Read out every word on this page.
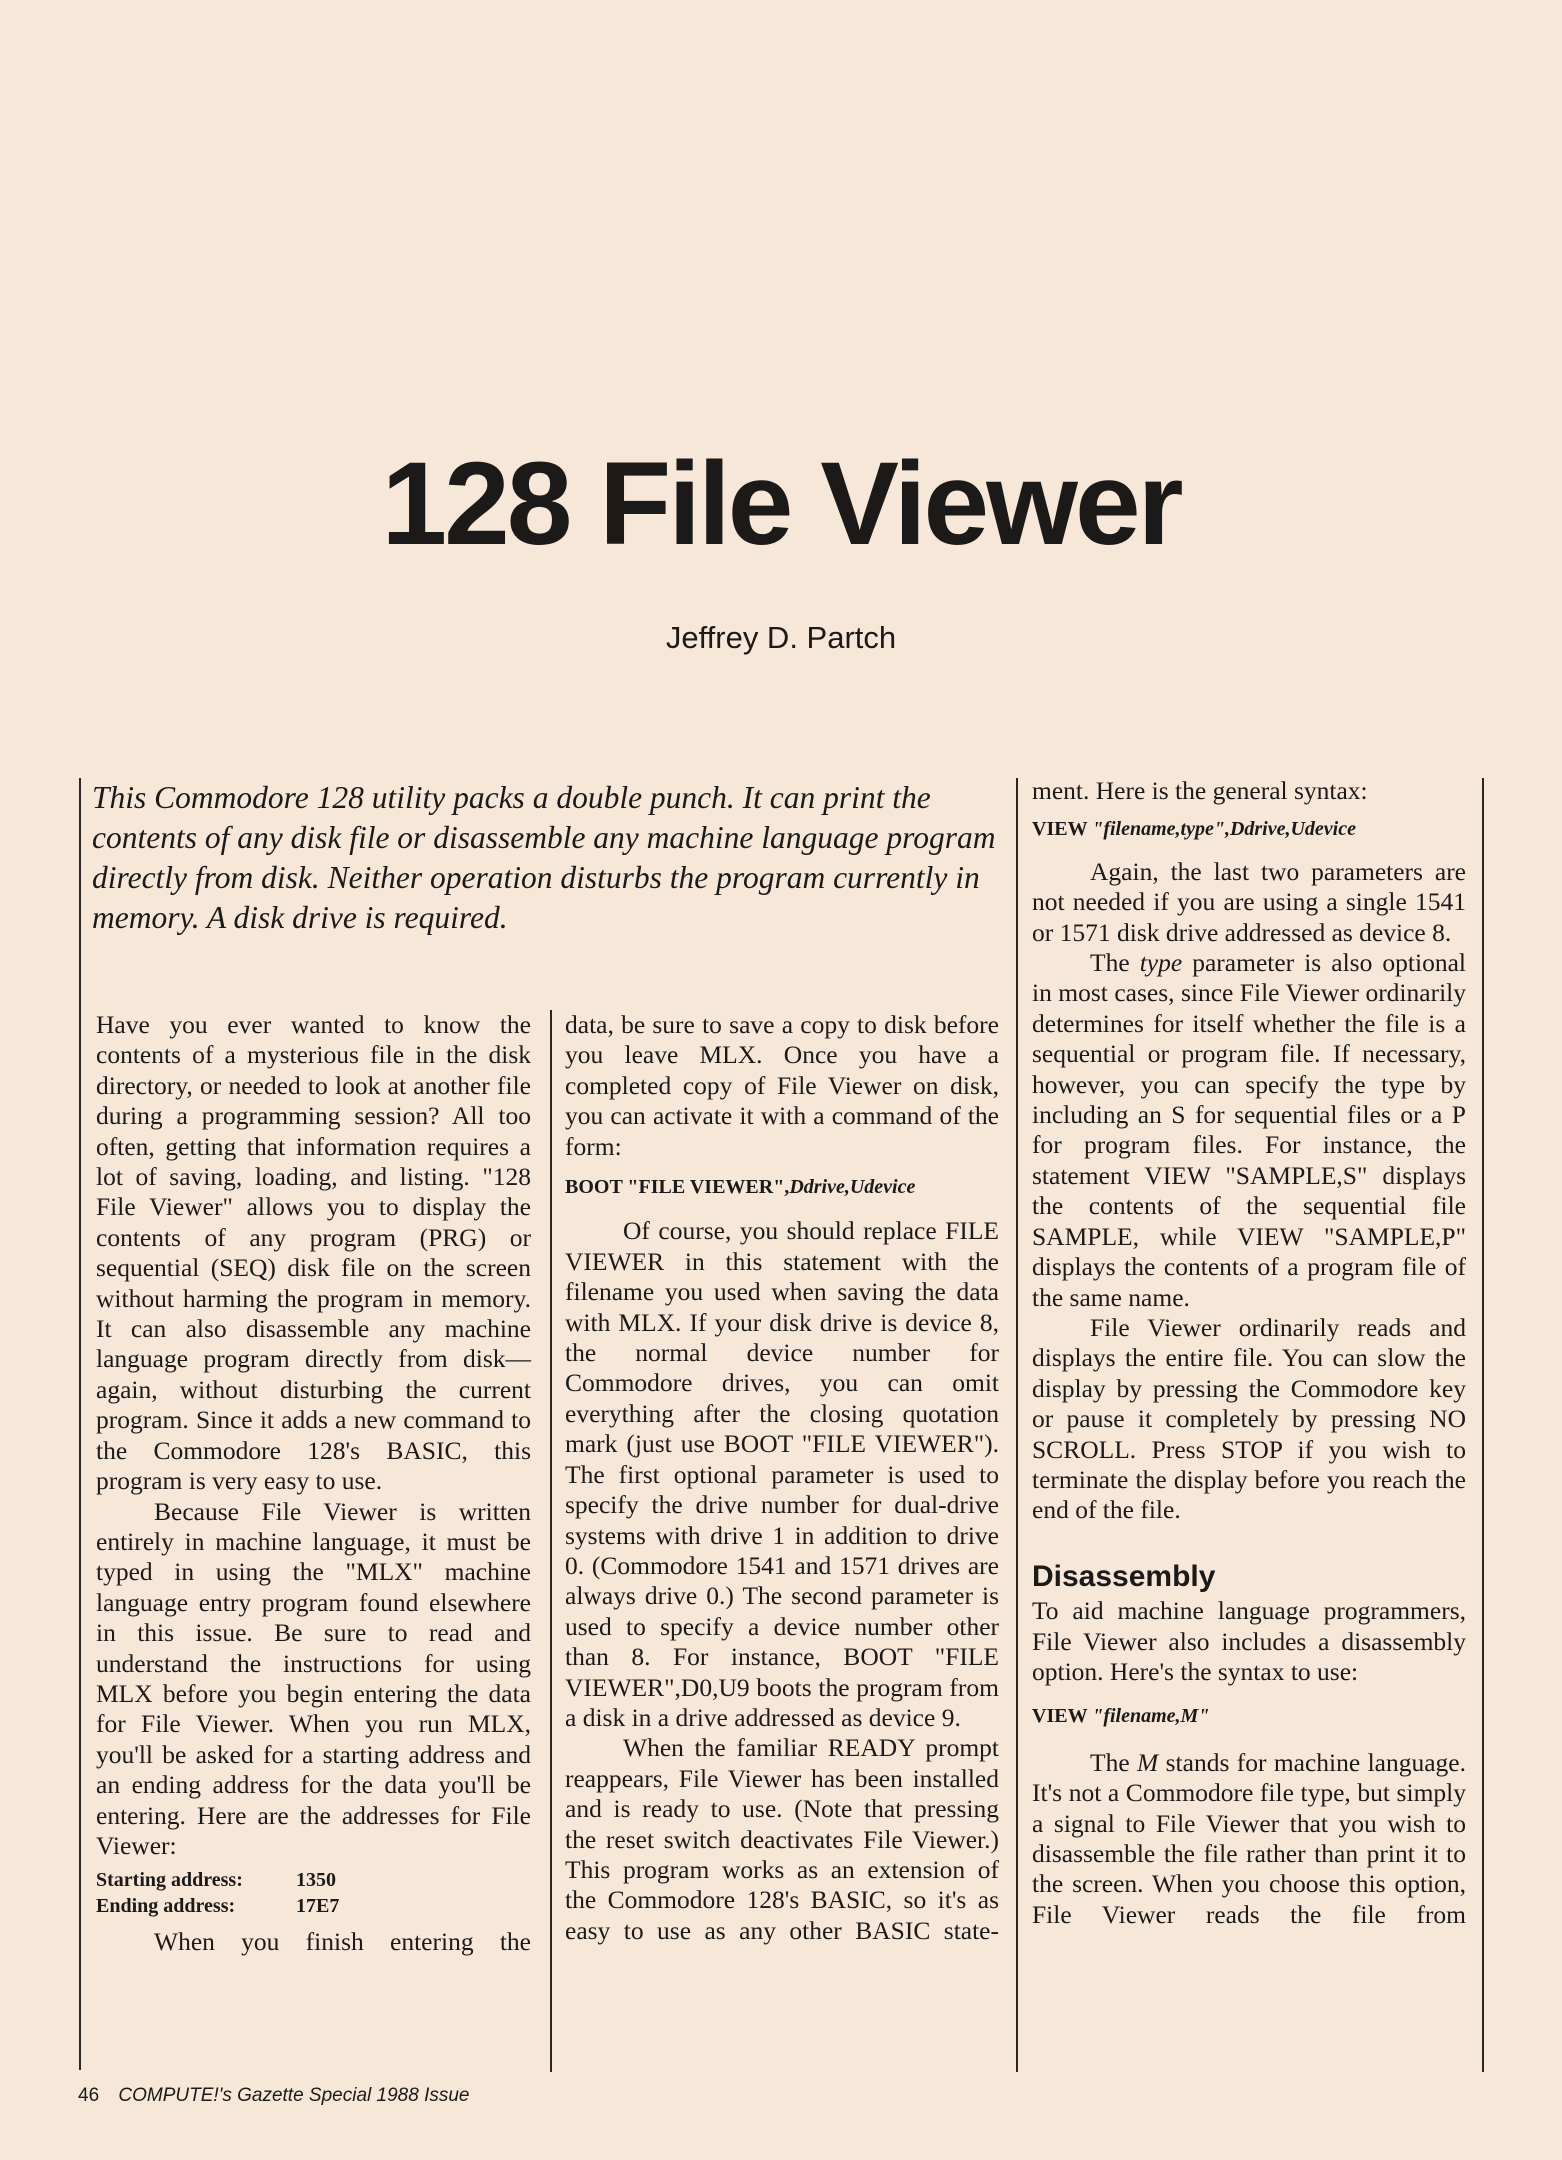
128 File Viewer
Jeffrey D. Partch
This Commodore 128 utility packs a double punch. It can print the contents of any disk file or disassemble any machine language program directly from disk. Neither operation disturbs the program currently in memory. A disk drive is required.

Have you ever wanted to know the contents of a mysterious file in the disk directory, or needed to look at another file during a programming session? All too often, getting that information requires a lot of saving, loading, and listing. "128 File Viewer" allows you to display the contents of any program (PRG) or sequential (SEQ) disk file on the screen without harming the program in memory. It can also disassemble any machine language program directly from disk—again, without disturbing the current program. Since it adds a new command to the Commodore 128's BASIC, this program is very easy to use.

Because File Viewer is written entirely in machine language, it must be typed in using the "MLX" machine language entry program found elsewhere in this issue. Be sure to read and understand the instructions for using MLX before you begin entering the data for File Viewer. When you run MLX, you'll be asked for a starting address and an ending address for the data you'll be entering. Here are the addresses for File Viewer:

Starting address:	1350
Ending address:	17E7

When you finish entering the

data, be sure to save a copy to disk before you leave MLX. Once you have a completed copy of File Viewer on disk, you can activate it with a command of the form:

BOOT "FILE VIEWER",Ddrive,Udevice

Of course, you should replace FILE VIEWER in this statement with the filename you used when saving the data with MLX. If your disk drive is device 8, the normal device number for Commodore drives, you can omit everything after the closing quotation mark (just use BOOT "FILE VIEWER"). The first optional parameter is used to specify the drive number for dual-drive systems with drive 1 in addition to drive 0. (Commodore 1541 and 1571 drives are always drive 0.) The second parameter is used to specify a device number other than 8. For instance, BOOT "FILE VIEWER",D0,U9 boots the program from a disk in a drive addressed as device 9.

When the familiar READY prompt reappears, File Viewer has been installed and is ready to use. (Note that pressing the reset switch deactivates File Viewer.) This program works as an extension of the Commodore 128's BASIC, so it's as easy to use as any other BASIC state-

ment. Here is the general syntax:

VIEW "filename,type",Ddrive,Udevice

Again, the last two parameters are not needed if you are using a single 1541 or 1571 disk drive addressed as device 8.

The type parameter is also optional in most cases, since File Viewer ordinarily determines for itself whether the file is a sequential or program file. If necessary, however, you can specify the type by including an S for sequential files or a P for program files. For instance, the statement VIEW "SAMPLE,S" displays the contents of the sequential file SAMPLE, while VIEW "SAMPLE,P" displays the contents of a program file of the same name.

File Viewer ordinarily reads and displays the entire file. You can slow the display by pressing the Commodore key or pause it completely by pressing NO SCROLL. Press STOP if you wish to terminate the display before you reach the end of the file.

Disassembly

To aid machine language programmers, File Viewer also includes a disassembly option. Here's the syntax to use:

VIEW "filename,M"

The M stands for machine language. It's not a Commodore file type, but simply a signal to File Viewer that you wish to disassemble the file rather than print it to the screen. When you choose this option, File Viewer reads the file from

46 COMPUTE!'s Gazette Special 1988 Issue
